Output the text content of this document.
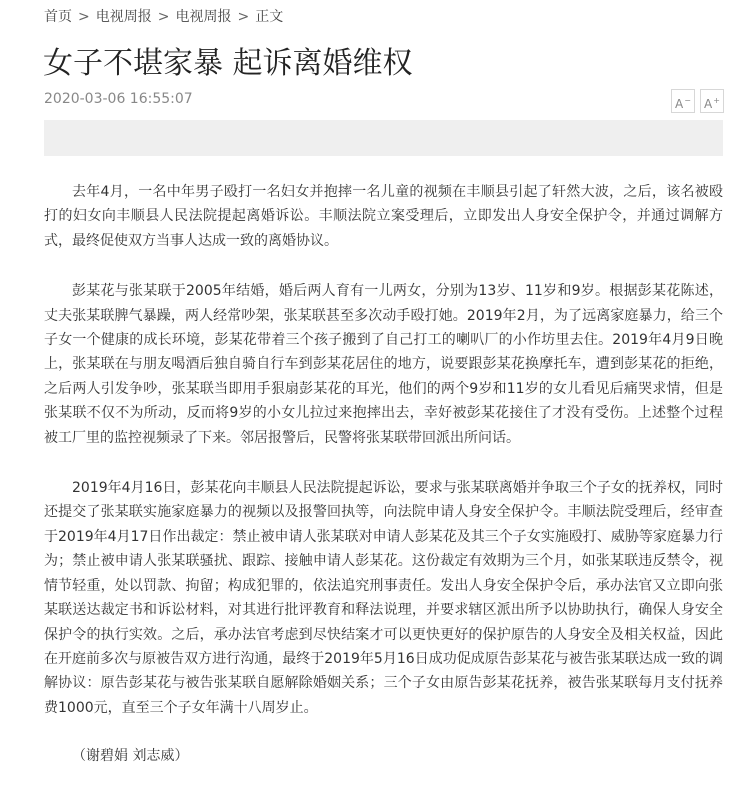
首页 > 电视周报 > 电视周报 > 正文
女子不堪家暴 起诉离婚维权
2020-03-06 16:55:07	A−	A+

去年4月，一名中年男子殴打一名妇女并抱摔一名儿童的视频在丰顺县引起了轩然大波，之后，该名被殴打的妇女向丰顺县人民法院提起离婚诉讼。丰顺法院立案受理后，立即发出人身安全保护令，并通过调解方式，最终促使双方当事人达成一致的离婚协议。

彭某花与张某联于2005年结婚，婚后两人育有一儿两女，分别为13岁、11岁和9岁。根据彭某花陈述，丈夫张某联脾气暴躁，两人经常吵架，张某联甚至多次动手殴打她。2019年2月，为了远离家庭暴力，给三个子女一个健康的成长环境，彭某花带着三个孩子搬到了自己打工的喇叭厂的小作坊里去住。2019年4月9日晚上，张某联在与朋友喝酒后独自骑自行车到彭某花居住的地方，说要跟彭某花换摩托车，遭到彭某花的拒绝，之后两人引发争吵，张某联当即用手狠扇彭某花的耳光，他们的两个9岁和11岁的女儿看见后痛哭求情，但是张某联不仅不为所动，反而将9岁的小女儿拉过来抱摔出去，幸好被彭某花接住了才没有受伤。上述整个过程被工厂里的监控视频录了下来。邻居报警后，民警将张某联带回派出所问话。

2019年4月16日，彭某花向丰顺县人民法院提起诉讼，要求与张某联离婚并争取三个子女的抚养权，同时还提交了张某联实施家庭暴力的视频以及报警回执等，向法院申请人身安全保护令。丰顺法院受理后，经审查于2019年4月17日作出裁定：禁止被申请人张某联对申请人彭某花及其三个子女实施殴打、威胁等家庭暴力行为；禁止被申请人张某联骚扰、跟踪、接触申请人彭某花。这份裁定有效期为三个月，如张某联违反禁令，视情节轻重，处以罚款、拘留；构成犯罪的，依法追究刑事责任。发出人身安全保护令后，承办法官又立即向张某联送达裁定书和诉讼材料，对其进行批评教育和释法说理，并要求辖区派出所予以协助执行，确保人身安全保护令的执行实效。之后，承办法官考虑到尽快结案才可以更快更好的保护原告的人身安全及相关权益，因此在开庭前多次与原被告双方进行沟通，最终于2019年5月16日成功促成原告彭某花与被告张某联达成一致的调解协议：原告彭某花与被告张某联自愿解除婚姻关系；三个子女由原告彭某花抚养，被告张某联每月支付抚养费1000元，直至三个子女年满十八周岁止。

（谢碧娟 刘志威）
